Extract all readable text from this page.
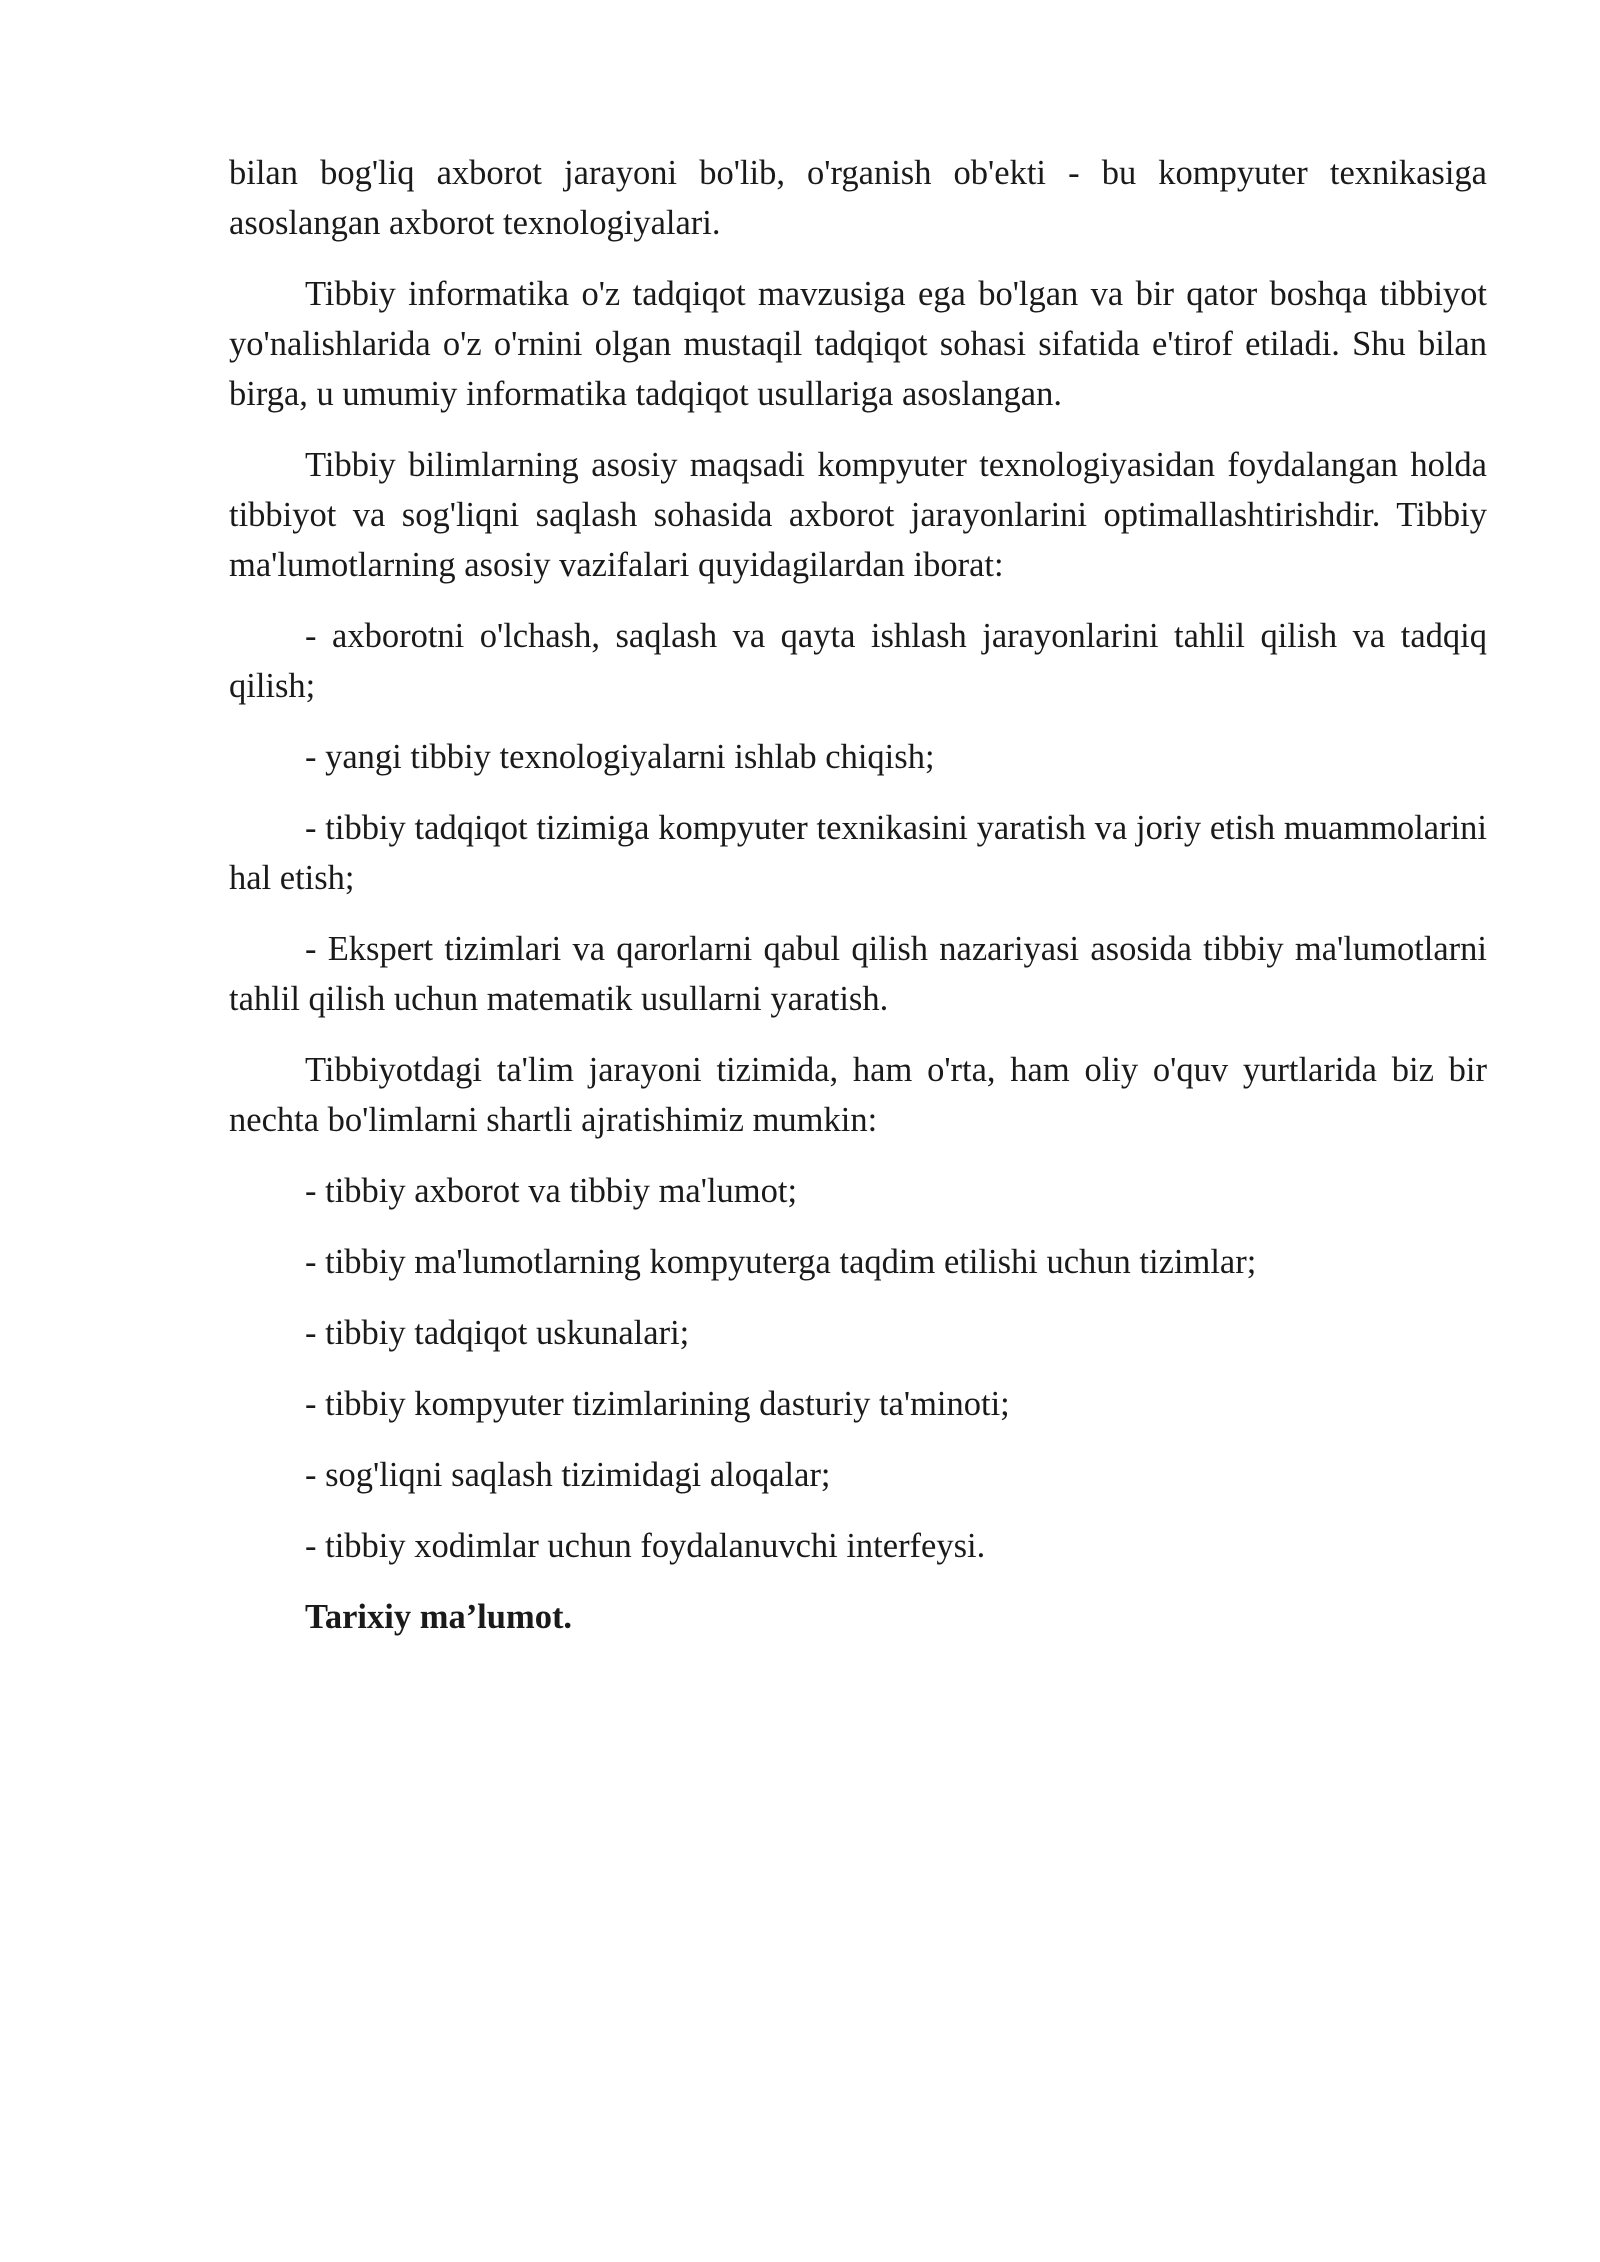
bilan bog'liq axborot jarayoni bo'lib, o'rganish ob'ekti - bu kompyuter texnikasiga asoslangan axborot texnologiyalari.

Tibbiy informatika o'z tadqiqot mavzusiga ega bo'lgan va bir qator boshqa tibbiyot yo'nalishlarida o'z o'rnini olgan mustaqil tadqiqot sohasi sifatida e'tirof etiladi. Shu bilan birga, u umumiy informatika tadqiqot usullariga asoslangan.

Tibbiy bilimlarning asosiy maqsadi kompyuter texnologiyasidan foydalangan holda tibbiyot va sog'liqni saqlash sohasida axborot jarayonlarini optimallashtirishdir. Tibbiy ma'lumotlarning asosiy vazifalari quyidagilardan iborat:

- axborotni o'lchash, saqlash va qayta ishlash jarayonlarini tahlil qilish va tadqiq qilish;

- yangi tibbiy texnologiyalarni ishlab chiqish;

- tibbiy tadqiqot tizimiga kompyuter texnikasini yaratish va joriy etish muammolarini hal etish;

- Ekspert tizimlari va qarorlarni qabul qilish nazariyasi asosida tibbiy ma'lumotlarni tahlil qilish uchun matematik usullarni yaratish.

Tibbiyotdagi ta'lim jarayoni tizimida, ham o'rta, ham oliy o'quv yurtlarida biz bir nechta bo'limlarni shartli ajratishimiz mumkin:

- tibbiy axborot va tibbiy ma'lumot;

- tibbiy ma'lumotlarning kompyuterga taqdim etilishi uchun tizimlar;

- tibbiy tadqiqot uskunalari;

- tibbiy kompyuter tizimlarining dasturiy ta'minoti;

- sog'liqni saqlash tizimidagi aloqalar;

- tibbiy xodimlar uchun foydalanuvchi interfeysi.

Tarixiy ma’lumot.
